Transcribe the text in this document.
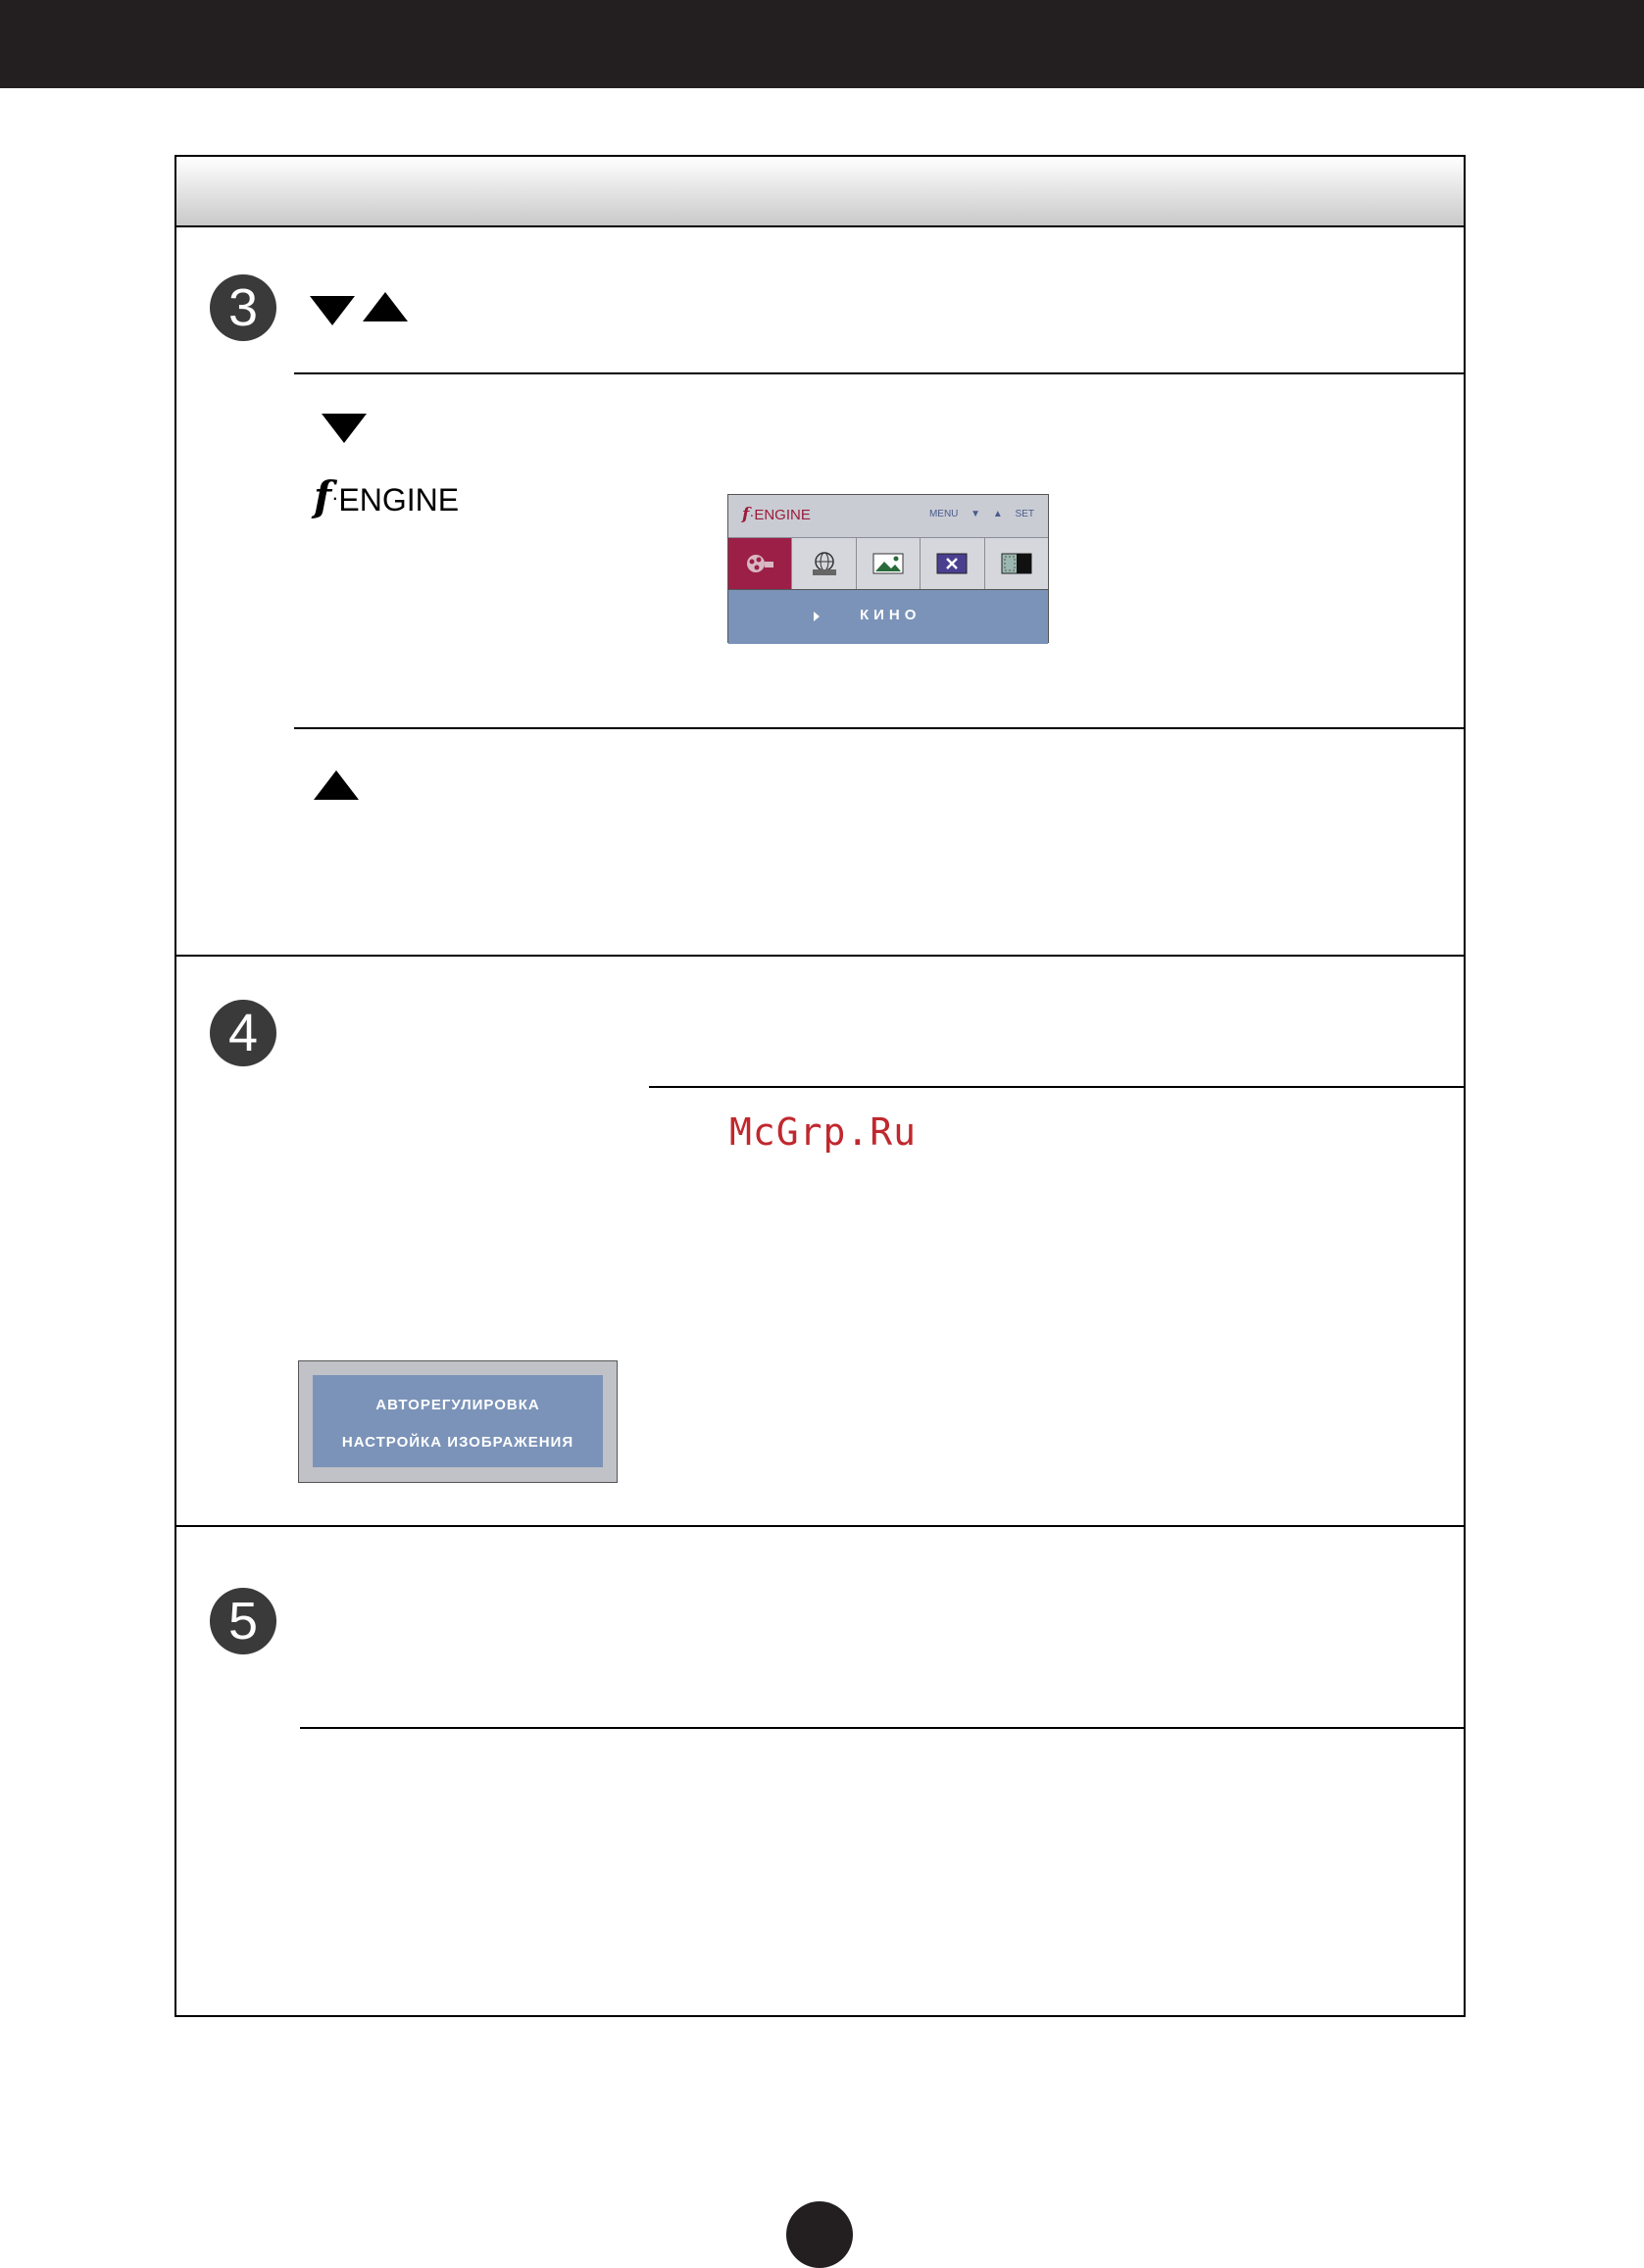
3
4
5
f·ENGINE	f·ENGINE	MENU ▼ ▲ SET
КИНО
McGrp.Ru
АВТОРЕГУЛИРОВКА
НАСТРОЙКА ИЗОБРАЖЕНИЯ
